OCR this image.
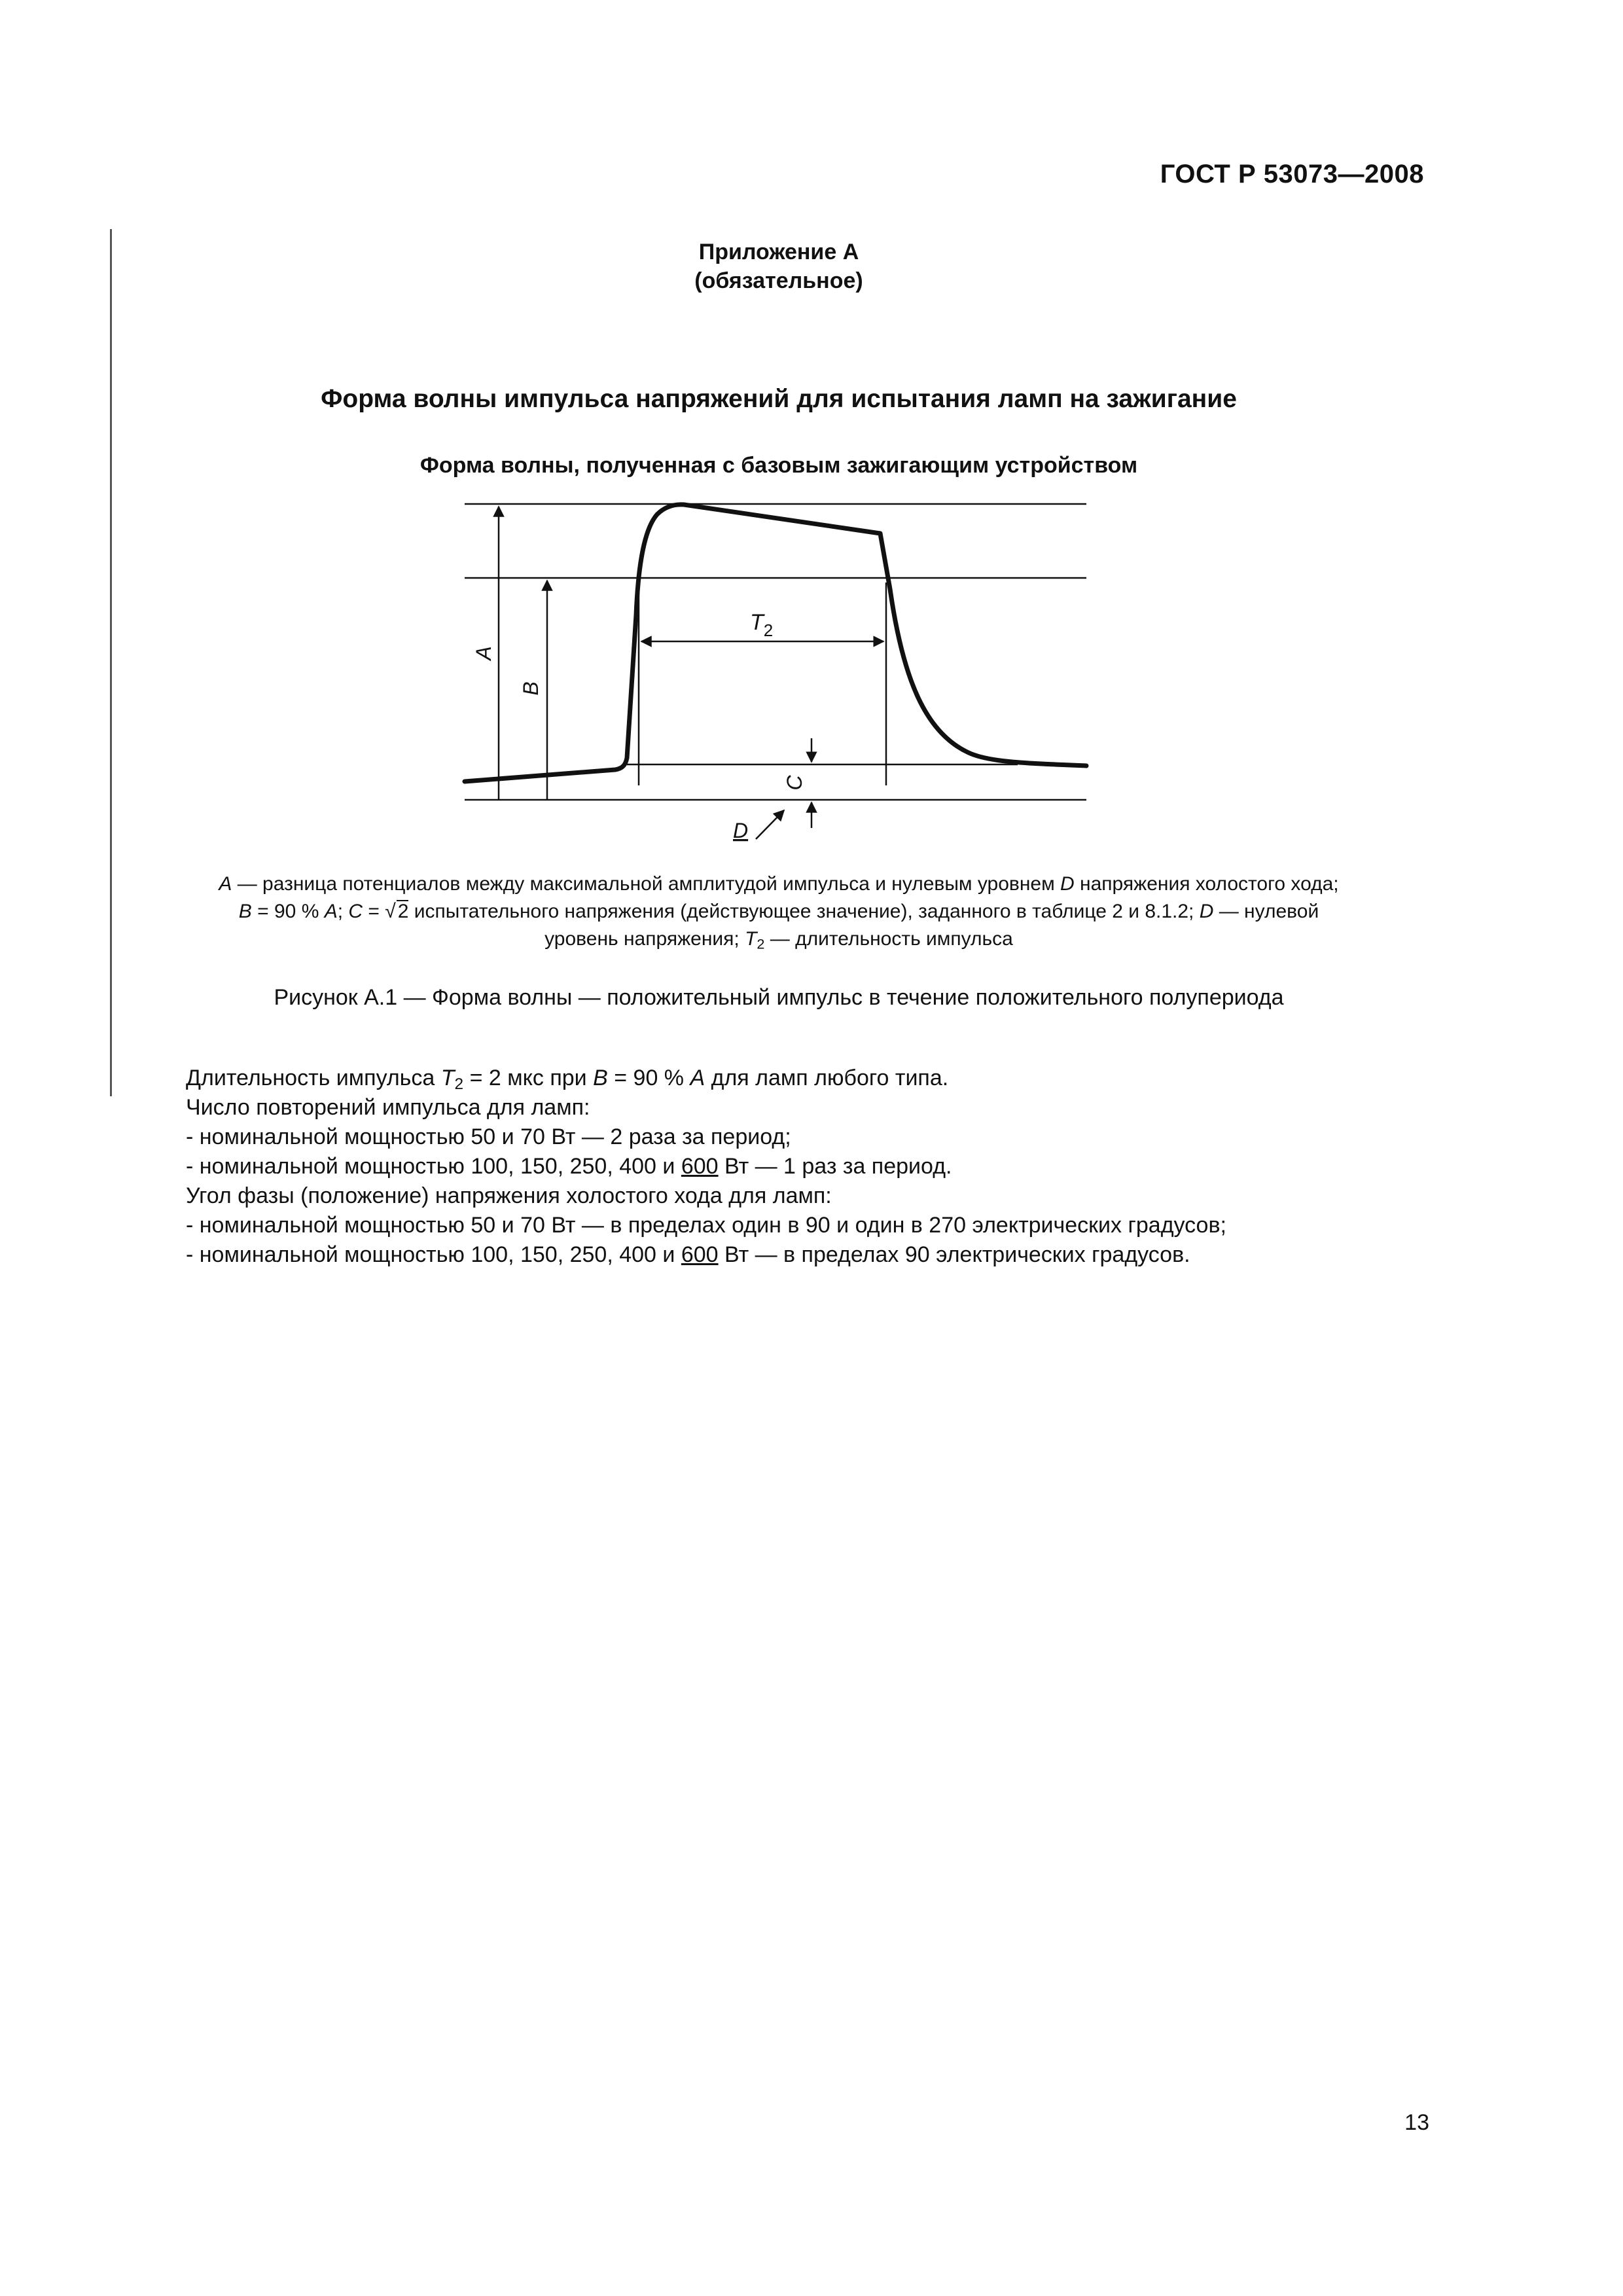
ГОСТ Р 53073—2008
Приложение А
(обязательное)
Форма волны импульса напряжений для испытания ламп на зажигание
Форма волны, полученная с базовым зажигающим устройством
A
B
C
D
$T_2$
A — разница потенциалов между максимальной амплитудой импульса и нулевым уровнем D напряжения холостого хода;
B = 90 % A; C = √ 2 испытательного напряжения (действующее значение), заданного в таблице 2 и 8.1.2; D — нулевой
уровень напряжения; $T_2$ — длительность импульса
Рисунок А.1 — Форма волны — положительный импульс в течение положительного полупериода

Длительность импульса $T_2 = 2$ мкс при B = 90 % A для ламп любого типа.

Число повторений импульса для ламп:

- номинальной мощностью 50 и 70 Вт — 2 раза за период;

- номинальной мощностью 100, 150, 250, 400 и 600 Вт — 1 раз за период.

Угол фазы (положение) напряжения холостого хода для ламп:

- номинальной мощностью 50 и 70 Вт — в пределах один в 90 и один в 270 электрических градусов;

- номинальной мощностью 100, 150, 250, 400 и 600 Вт — в пределах 90 электрических градусов.

13
